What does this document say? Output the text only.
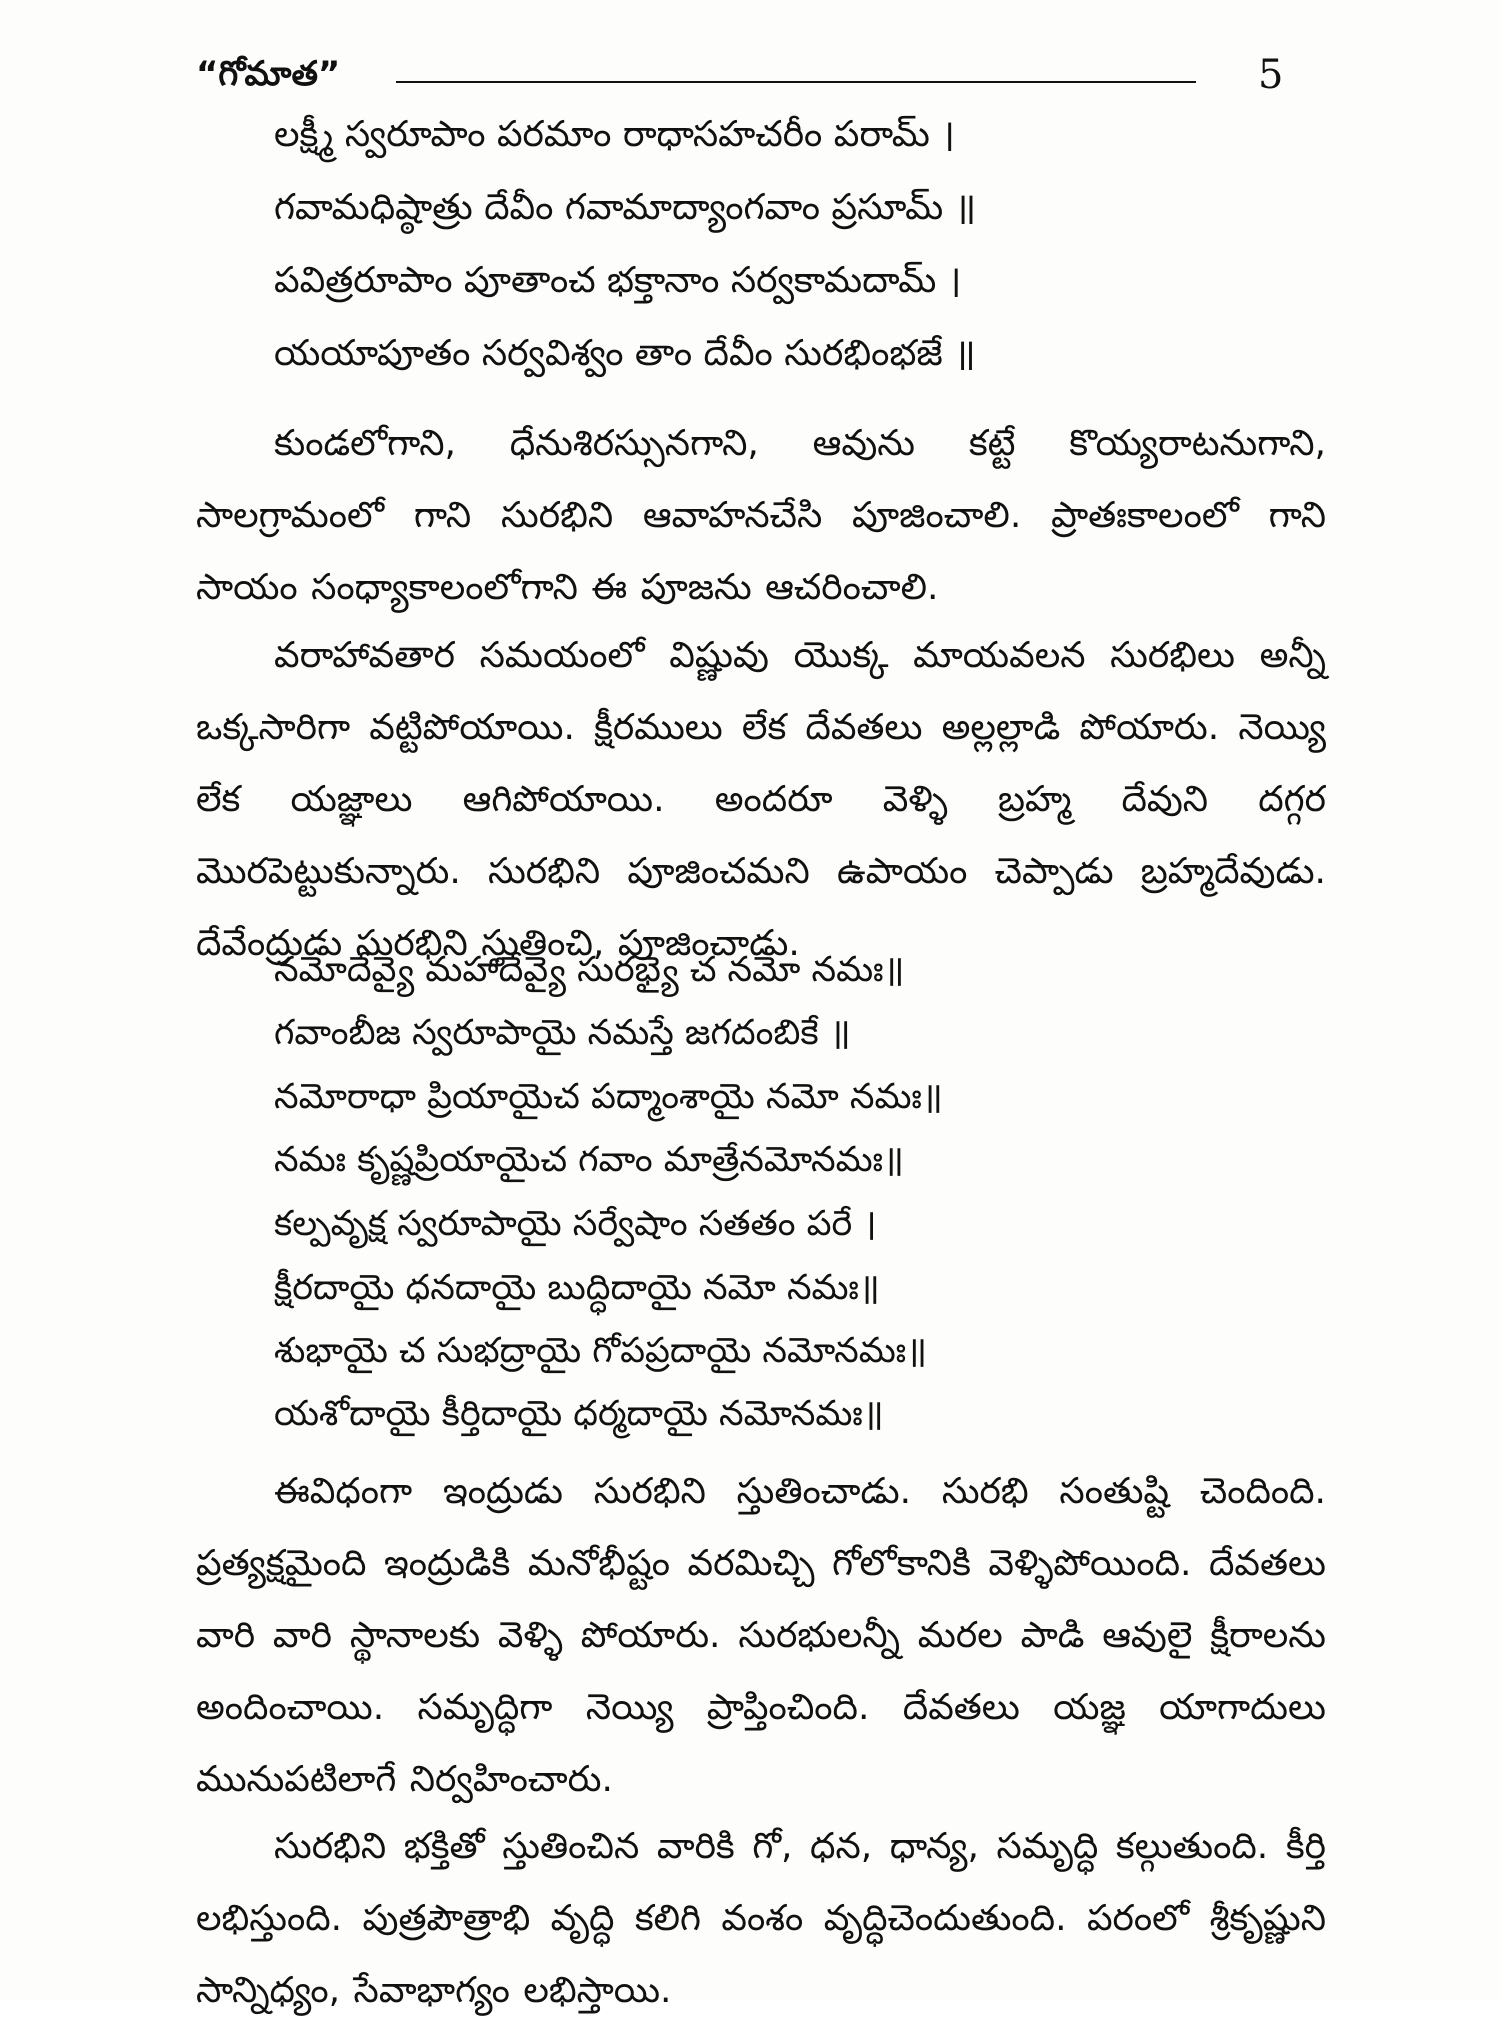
“గోమాత”	5
లక్ష్మీ స్వరూపాం పరమాం రాధాసహచరీం పరామ్ ।
గవామధిష్ఠాత్రు దేవీం గవామాద్యాంగవాం ప్రసూమ్ ॥
పవిత్రరూపాం పూతాంచ భక్తానాం సర్వకామదామ్ ।
యయాపూతం సర్వవిశ్వం తాం దేవీం సురభింభజే ॥

కుండలోగాని, ధేనుశిరస్సునగాని, ఆవును కట్టే కొయ్యరాటనుగాని, సాలగ్రామంలో గాని సురభిని ఆవాహనచేసి పూజించాలి. ప్రాతఃకాలంలో గాని సాయం సంధ్యాకాలంలోగాని ఈ పూజను ఆచరించాలి.

వరాహావతార సమయంలో విష్ణువు యొక్క మాయవలన సురభిలు అన్నీ ఒక్కసారిగా వట్టిపోయాయి. క్షీరములు లేక దేవతలు అల్లల్లాడి పోయారు. నెయ్యి లేక యజ్ఞాలు ఆగిపోయాయి. అందరూ వెళ్ళి బ్రహ్మ దేవుని దగ్గర మొరపెట్టుకున్నారు. సురభిని పూజించమని ఉపాయం చెప్పాడు బ్రహ్మదేవుడు. దేవేంద్రుడు సురభిని స్తుతించి, పూజించాడు.

నమోదేవ్యై మహాదేవ్యై సురభ్యై చ నమో నమః॥
గవాంబీజ స్వరూపాయై నమస్తే జగదంబికే ॥
నమోరాధా ప్రియాయైచ పద్మాంశాయై నమో నమః॥
నమః కృష్ణప్రియాయైచ గవాం మాత్రేనమోనమః॥
కల్పవృక్ష స్వరూపాయై సర్వేషాం సతతం పరే ।
క్షీరదాయై ధనదాయై బుద్ధిదాయై నమో నమః॥
శుభాయై చ సుభద్రాయై గోపప్రదాయై నమోనమః॥
యశోదాయై కీర్తిదాయై ధర్మదాయై నమోనమః॥

ఈవిధంగా ఇంద్రుడు సురభిని స్తుతించాడు. సురభి సంతుష్టి చెందింది. ప్రత్యక్షమైంది ఇంద్రుడికి మనోభీష్టం వరమిచ్చి గోలోకానికి వెళ్ళిపోయింది. దేవతలు వారి వారి స్థానాలకు వెళ్ళి పోయారు. సురభులన్నీ మరల పాడి ఆవులై క్షీరాలను అందించాయి. సమృద్ధిగా నెయ్యి ప్రాప్తించింది. దేవతలు యజ్ఞ యాగాదులు మునుపటిలాగే నిర్వహించారు.

సురభిని భక్తితో స్తుతించిన వారికి గో, ధన, ధాన్య, సమృద్ధి కల్గుతుంది. కీర్తి లభిస్తుంది. పుత్రపౌత్రాభి వృద్ధి కలిగి వంశం వృద్ధిచెందుతుంది. పరంలో శ్రీకృష్ణుని సాన్నిధ్యం, సేవాభాగ్యం లభిస్తాయి.
